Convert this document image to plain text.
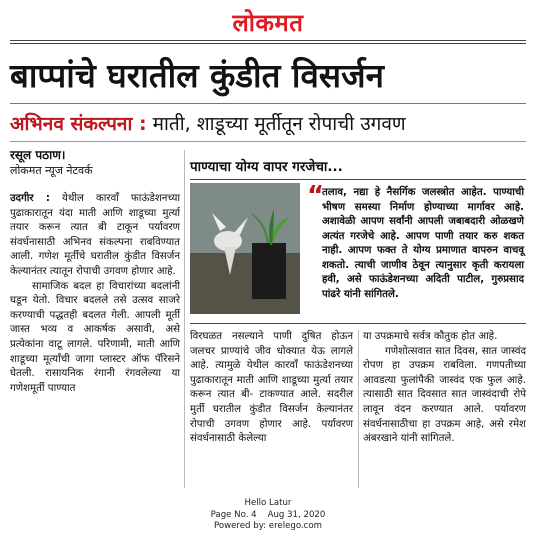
लोकमत
बाप्पांचे घरातील कुंडीत विसर्जन
अभिनव संकल्पना : माती, शाडूच्या मूर्तीतून रोपाची उगवण
रसूल पठाण।
लोकमत न्यूज नेटवर्क	पाण्याचा योग्य वापर गरजेचा...
“
तलाव, नद्या हे नैसर्गिक जलस्त्रोत आहेत. पाण्याची भीषण समस्या निर्माण होण्याच्या मार्गावर आहे. अशावेळी आपण सर्वांनी आपली जबाबदारी ओळखणे अत्यंत गरजेचे आहे. आपण पाणी तयार करु शकत नाही. आपण फक्त ते योग्य प्रमाणात वापरुन वाचवू शकतो. त्याची जाणीव ठेवून त्यानुसार कृती करायला हवी, असे फाऊंडेशनच्या अदिती पाटील, गुरुप्रसाद पांढरे यांनी सांगितले.
उदगीर : येथील कारवाँ फाऊंडेशनच्या पुढाकारातून यंदा माती आणि शाडूच्या मुर्त्या तयार करून त्यात बी टाकून पर्यावरण संवर्धनासाठी अभिनव संकल्पना राबविण्यात आली. गणेश मूर्तीचे घरातील कुंडीत विसर्जन केल्यानंतर त्यातून रोपाची उगवण होणार आहे.
सामाजिक बदल हा विचारांच्या बदलांनी घडून येतो. विचार बदलले तसे उत्सव साजरे करण्याची पद्धतही बदलत गेली. आपली मूर्ती जास्त भव्य व आकर्षक असावी, असे प्रत्येकांना वाटू लागले. परिणामी, माती आणि शाडूच्या मूर्त्यांची जागा प्लास्टर ऑफ पॅरिसने घेतली. रासायनिक रंगानी रंगवलेल्या या गणेशमूर्ती पाण्यात
विरघळत नसल्याने पाणी दुषित होऊन जलचर प्राण्यांचे जीव धोक्यात येऊ लागले आहे. त्यामुळे येथील कारवाँ फाऊंडेशनच्या पुढाकारातून माती आणि शाडूच्या मुर्त्या तयार करून त्यात बी- टाकण्यात आले. सदरील मुर्ती घरातील कुंडीत विसर्जन केल्यानंतर रोपाची उगवण होणार आहे. पर्यावरण संवर्धनासाठी केलेल्या
या उपक्रमाचे सर्वत्र कौतुक होत आहे.
गणेशोत्सवात सात दिवस, सात जास्वंद रोपण हा उपक्रम राबविला. गणपतीच्या आवडत्या फुलांपैकी जास्वंद एक फुल आहे. त्यासाठी सात दिवसात सात जास्वंदाची रोपे लावून वंदन करण्यात आले. पर्यावरण संवर्धनासाठीचा हा उपक्रम आहे, असे रमेश अंबरखाने यांनी सांगितले.
Hello Latur
Page No. 4    Aug 31, 2020
Powered by: erelego.com
